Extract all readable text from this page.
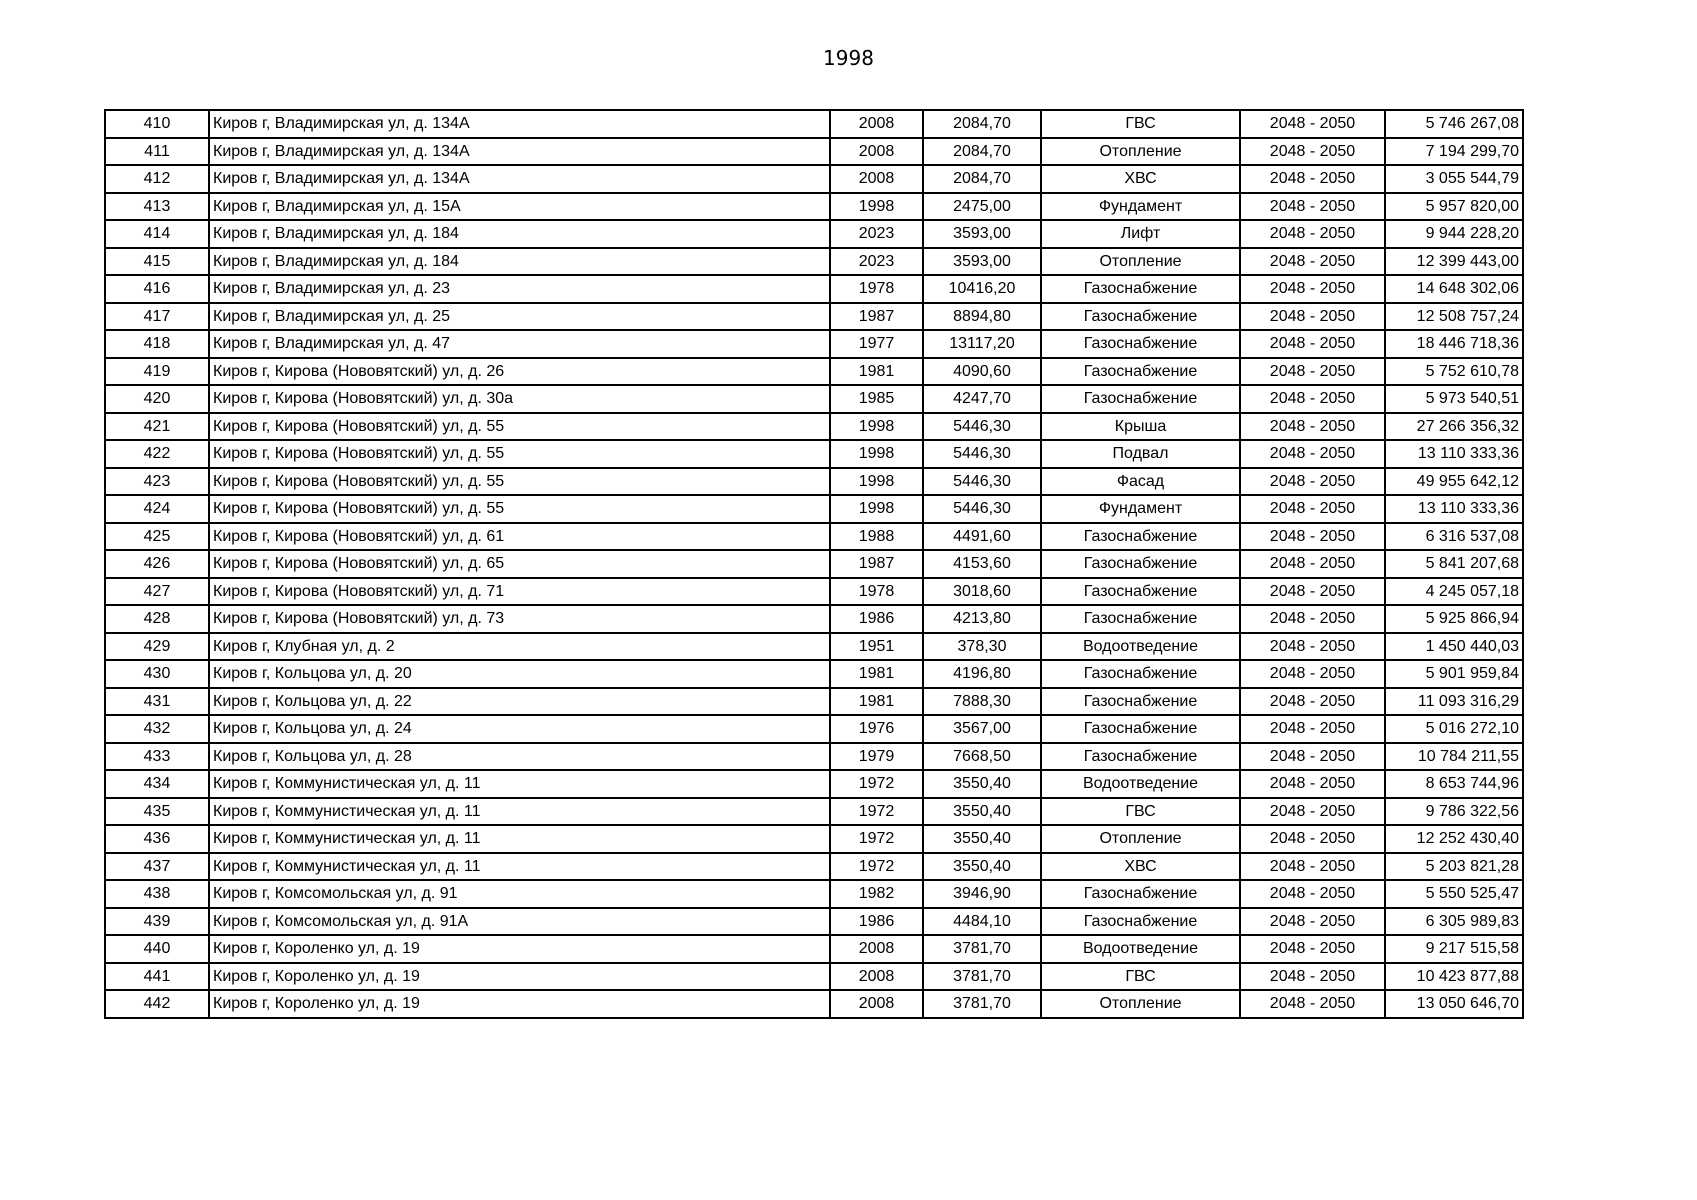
1998
410	Киров г, Владимирская ул, д. 134А	2008	2084,70	ГВС	2048 - 2050	5 746 267,08
411	Киров г, Владимирская ул, д. 134А	2008	2084,70	Отопление	2048 - 2050	7 194 299,70
412	Киров г, Владимирская ул, д. 134А	2008	2084,70	ХВС	2048 - 2050	3 055 544,79
413	Киров г, Владимирская ул, д. 15А	1998	2475,00	Фундамент	2048 - 2050	5 957 820,00
414	Киров г, Владимирская ул, д. 184	2023	3593,00	Лифт	2048 - 2050	9 944 228,20
415	Киров г, Владимирская ул, д. 184	2023	3593,00	Отопление	2048 - 2050	12 399 443,00
416	Киров г, Владимирская ул, д. 23	1978	10416,20	Газоснабжение	2048 - 2050	14 648 302,06
417	Киров г, Владимирская ул, д. 25	1987	8894,80	Газоснабжение	2048 - 2050	12 508 757,24
418	Киров г, Владимирская ул, д. 47	1977	13117,20	Газоснабжение	2048 - 2050	18 446 718,36
419	Киров г, Кирова (Нововятский) ул, д. 26	1981	4090,60	Газоснабжение	2048 - 2050	5 752 610,78
420	Киров г, Кирова (Нововятский) ул, д. 30а	1985	4247,70	Газоснабжение	2048 - 2050	5 973 540,51
421	Киров г, Кирова (Нововятский) ул, д. 55	1998	5446,30	Крыша	2048 - 2050	27 266 356,32
422	Киров г, Кирова (Нововятский) ул, д. 55	1998	5446,30	Подвал	2048 - 2050	13 110 333,36
423	Киров г, Кирова (Нововятский) ул, д. 55	1998	5446,30	Фасад	2048 - 2050	49 955 642,12
424	Киров г, Кирова (Нововятский) ул, д. 55	1998	5446,30	Фундамент	2048 - 2050	13 110 333,36
425	Киров г, Кирова (Нововятский) ул, д. 61	1988	4491,60	Газоснабжение	2048 - 2050	6 316 537,08
426	Киров г, Кирова (Нововятский) ул, д. 65	1987	4153,60	Газоснабжение	2048 - 2050	5 841 207,68
427	Киров г, Кирова (Нововятский) ул, д. 71	1978	3018,60	Газоснабжение	2048 - 2050	4 245 057,18
428	Киров г, Кирова (Нововятский) ул, д. 73	1986	4213,80	Газоснабжение	2048 - 2050	5 925 866,94
429	Киров г, Клубная ул, д. 2	1951	378,30	Водоотведение	2048 - 2050	1 450 440,03
430	Киров г, Кольцова ул, д. 20	1981	4196,80	Газоснабжение	2048 - 2050	5 901 959,84
431	Киров г, Кольцова ул, д. 22	1981	7888,30	Газоснабжение	2048 - 2050	11 093 316,29
432	Киров г, Кольцова ул, д. 24	1976	3567,00	Газоснабжение	2048 - 2050	5 016 272,10
433	Киров г, Кольцова ул, д. 28	1979	7668,50	Газоснабжение	2048 - 2050	10 784 211,55
434	Киров г, Коммунистическая ул, д. 11	1972	3550,40	Водоотведение	2048 - 2050	8 653 744,96
435	Киров г, Коммунистическая ул, д. 11	1972	3550,40	ГВС	2048 - 2050	9 786 322,56
436	Киров г, Коммунистическая ул, д. 11	1972	3550,40	Отопление	2048 - 2050	12 252 430,40
437	Киров г, Коммунистическая ул, д. 11	1972	3550,40	ХВС	2048 - 2050	5 203 821,28
438	Киров г, Комсомольская ул, д. 91	1982	3946,90	Газоснабжение	2048 - 2050	5 550 525,47
439	Киров г, Комсомольская ул, д. 91А	1986	4484,10	Газоснабжение	2048 - 2050	6 305 989,83
440	Киров г, Короленко ул, д. 19	2008	3781,70	Водоотведение	2048 - 2050	9 217 515,58
441	Киров г, Короленко ул, д. 19	2008	3781,70	ГВС	2048 - 2050	10 423 877,88
442	Киров г, Короленко ул, д. 19	2008	3781,70	Отопление	2048 - 2050	13 050 646,70
